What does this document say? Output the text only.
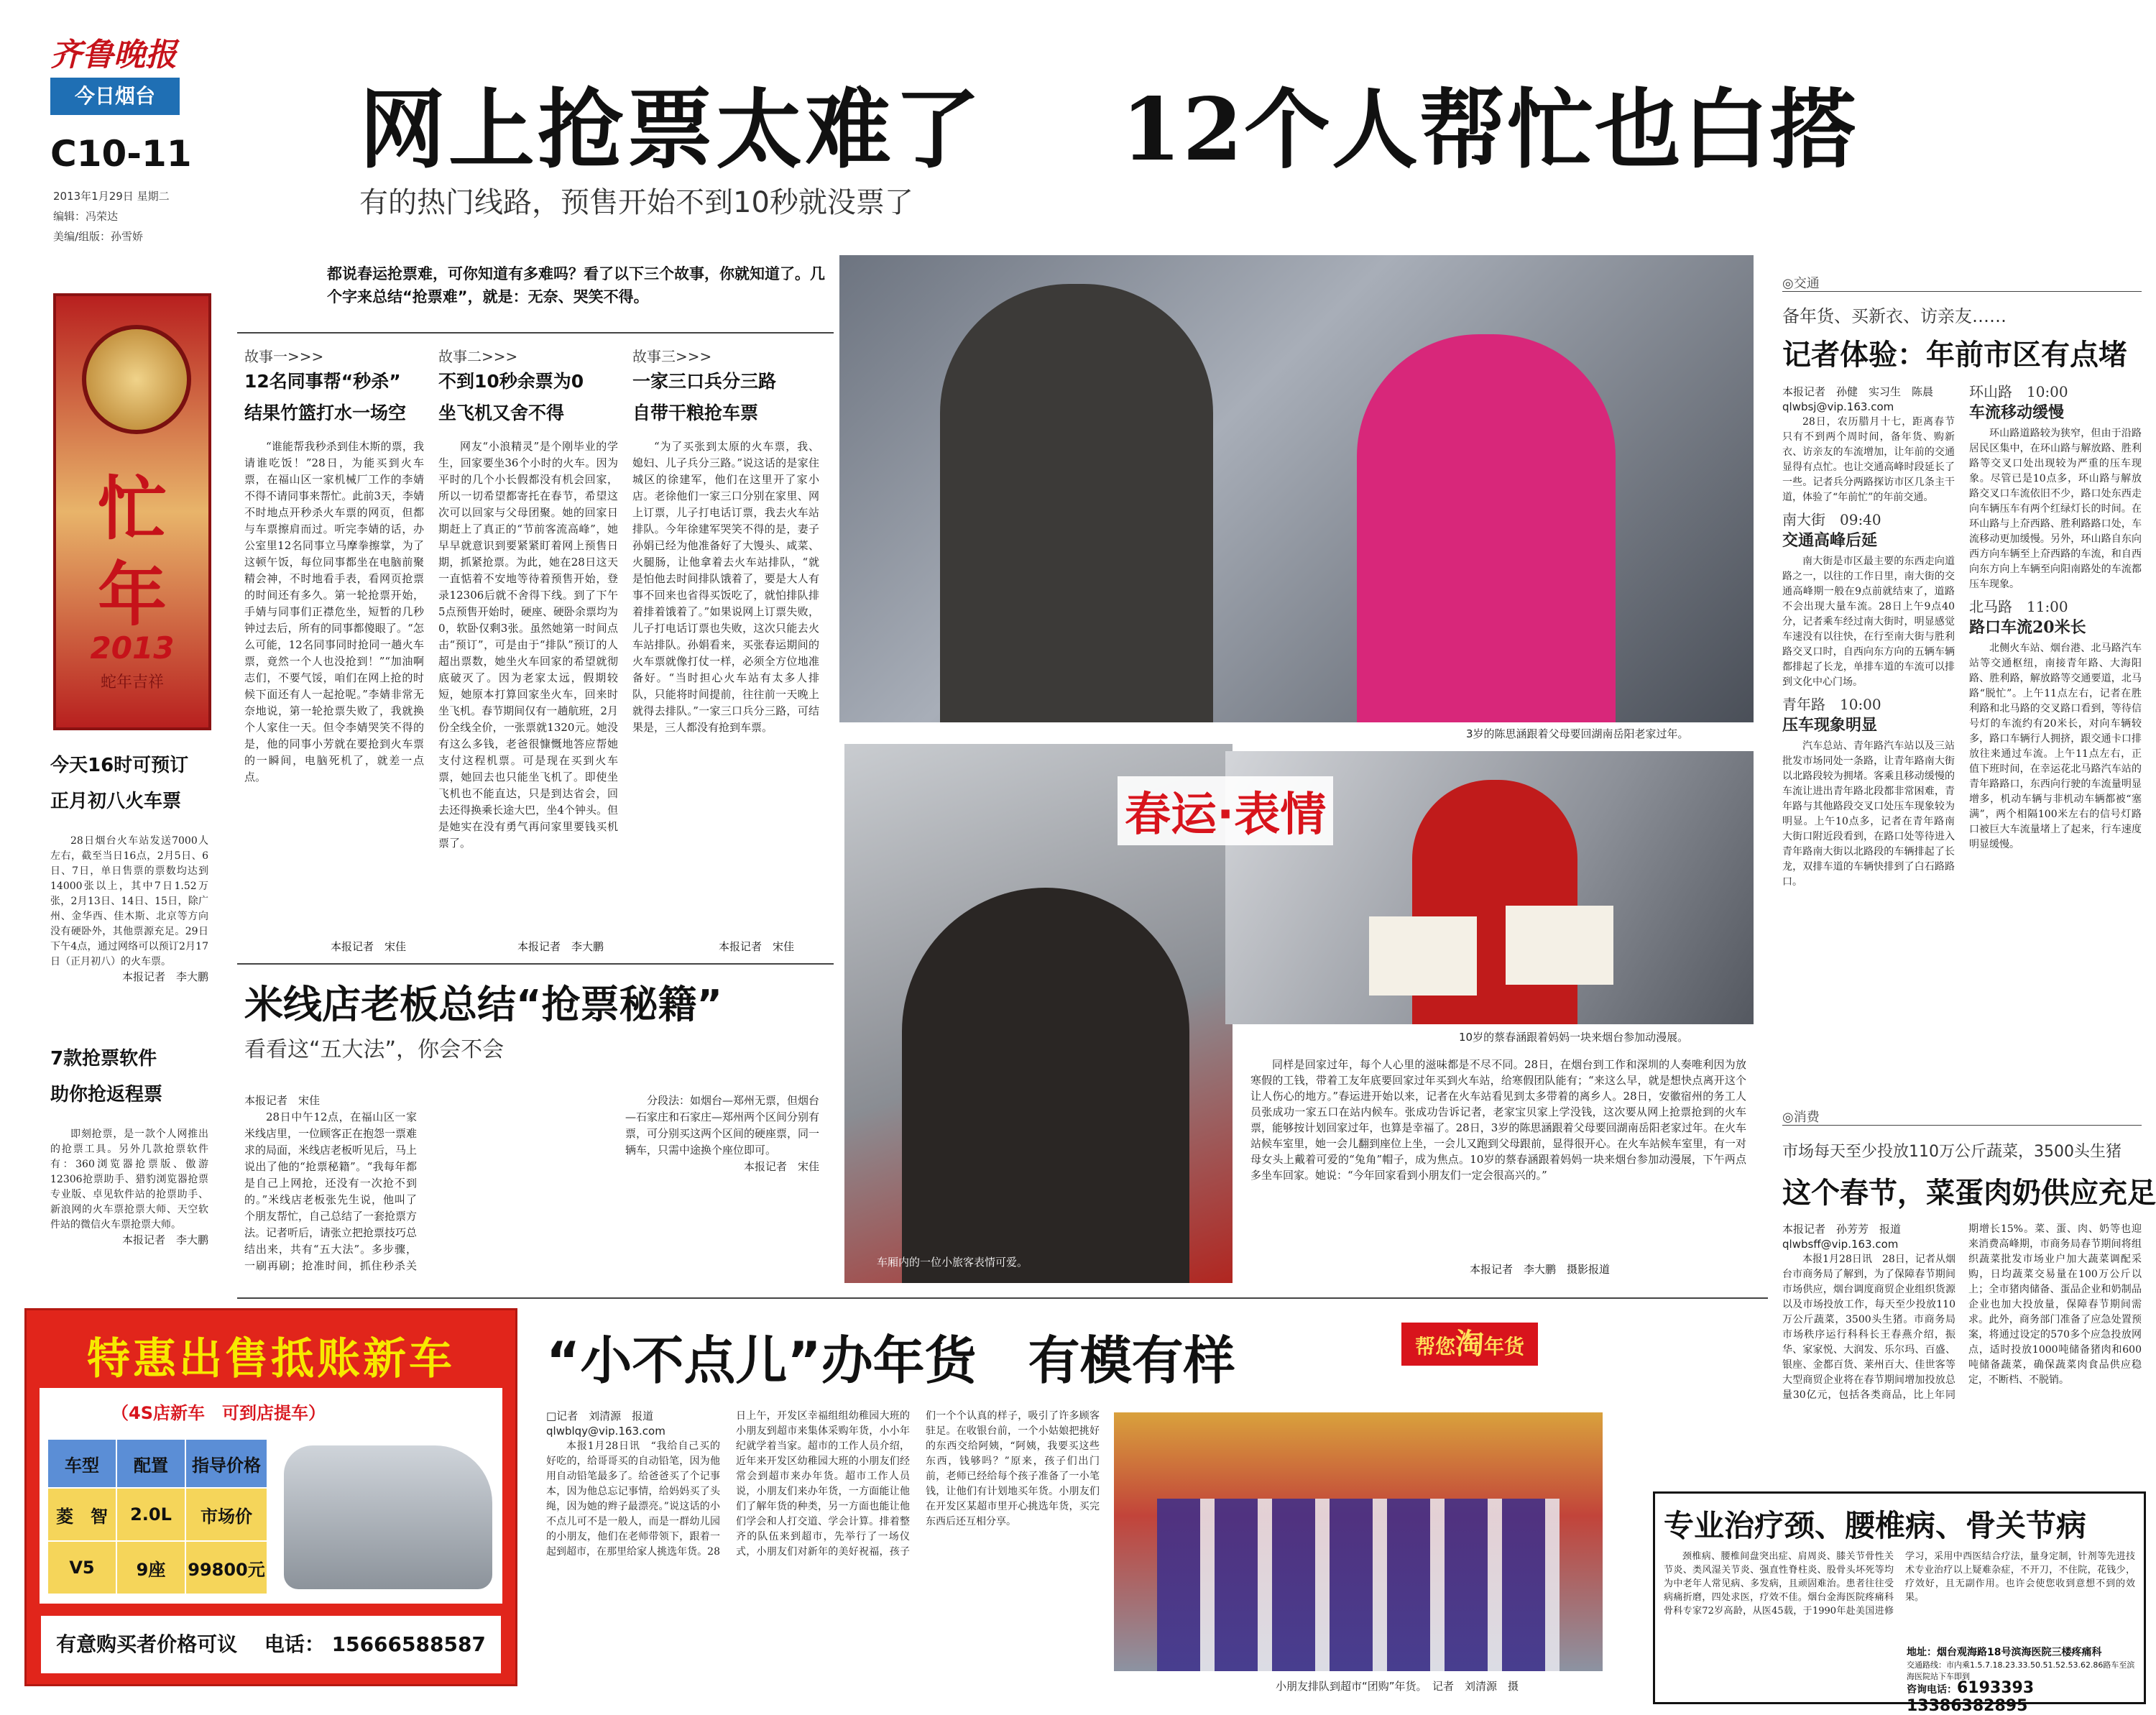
齐鲁晚报
今日烟台
C10-11
2013年1月29日 星期二
编辑：冯荣达
美编/组版：孙雪娇
忙
年
2013
蛇年吉祥
今天16时可预订
正月初八火车票

28日烟台火车站发送7000人左右，截至当日16点，2月5日、6日、7日，单日售票的票数均达到14000张以上，其中7日1.52万张，2月13日、14日、15日，除广州、金华西、佳木斯、北京等方向没有硬卧外，其他票源充足。29日下午4点，通过网络可以预订2月17日（正月初八）的火车票。

本报记者　李大鹏

7款抢票软件
助你抢返程票

即刻抢票，是一款个人网推出的抢票工具。另外几款抢票软件有：360浏览器抢票版、傲游12306抢票助手、猎豹浏览器抢票专业版、卓见软件站的抢票助手、新浪网的火车票抢票大师、天空软件站的微信火车票抢票大师。

本报记者　李大鹏

网上抢票太难了 12个人帮忙也白搭
有的热门线路，预售开始不到10秒就没票了
都说春运抢票难，可你知道有多难吗？看了以下三个故事，你就知道了。几个字来总结“抢票难”，就是：无奈、哭笑不得。
故事一>>>
12名同事帮“秒杀”
结果竹篮打水一场空

“谁能帮我秒杀到佳木斯的票，我请谁吃饭！”28日，为能买到火车票，在福山区一家机械厂工作的李婧不得不请同事来帮忙。此前3天，李婧不时地点开秒杀火车票的网页，但都与车票擦肩而过。听完李婧的话，办公室里12名同事立马摩拳擦掌，为了这顿午饭，每位同事都坐在电脑前聚精会神，不时地看手表，看网页抢票的时间还有多久。第一轮抢票开始，手婧与同事们正襟危坐，短暂的几秒钟过去后，所有的同事都傻眼了。“怎么可能，12名同事同时抢同一趟火车票，竟然一个人也没抢到！”“加油啊志们，不要气馁，咱们在网上抢的时候下面还有人一起抢呢。”李婧非常无奈地说，第一轮抢票失败了，我就换个人家住一天。但令李婧哭笑不得的是，他的同事小芳就在要抢到火车票的一瞬间，电脑死机了，就差一点点。

本报记者　宋佳
故事二>>>
不到10秒余票为0
坐飞机又舍不得

网友“小浪精灵”是个刚毕业的学生，回家要坐36个小时的火车。因为平时的几个小长假都没有机会回家，所以一切希望都寄托在春节，希望这次可以回家与父母团聚。她的回家日期赶上了真正的“节前客流高峰”，她早早就意识到要紧紧盯着网上预售日期，抓紧抢票。为此，她在28日这天一直惦着不安地等待着预售开始，登录12306后就不舍得下线。到了下午5点预售开始时，硬座、硬卧余票均为0，软卧仅剩3张。虽然她第一时间点击“预订”，可是由于“排队”预订的人超出票数，她坐火车回家的希望就彻底破灭了。因为老家太远，假期较短，她原本打算回家坐火车，回来时坐飞机。春节期间仅有一趟航班，2月份全线全价，一张票就1320元。她没有这么多钱，老爸很慷慨地答应帮她支付这程机票。可是现在买到火车票，她回去也只能坐飞机了。即使坐飞机也不能直达，只是到达省会，回去还得换乘长途大巴，坐4个钟头。但是她实在没有勇气再问家里要钱买机票了。

本报记者　李大鹏
故事三>>>
一家三口兵分三路
自带干粮抢车票

“为了买张到太原的火车票，我、媳妇、儿子兵分三路。”说这话的是家住城区的徐建军，他们在这里开了家小店。老徐他们一家三口分别在家里、网上订票，儿子打电话订票，我去火车站排队。今年徐建军哭笑不得的是，妻子孙娟已经为他准备好了大馒头、咸菜、火腿肠，让他拿着去火车站排队，“就是怕他去时间排队饿着了，要是大人有事不回来也省得买饭吃了，就怕排队排着排着饿着了。”如果说网上订票失败，儿子打电话订票也失败，这次只能去火车站排队。孙娟看来，买张春运期间的火车票就像打仗一样，必须全方位地准备好。“当时担心火车站有太多人排队，只能将时间提前，往往前一天晚上就得去排队。”一家三口兵分三路，可结果是，三人都没有抢到车票。

本报记者　宋佳
米线店老板总结“抢票秘籍”
看看这“五大法”，你会不会

本报记者　宋佳

28日中午12点，在福山区一家米线店里，一位顾客正在抱怨一票难求的局面，米线店老板听见后，马上说出了他的“抢票秘籍”。“我每年都是自己上网抢，还没有一次抢不到的。”米线店老板张先生说，他叫了个朋友帮忙，自己总结了一套抢票方法。记者听后，请张立把抢票技巧总结出来，共有“五大法”。多步骤，一刷再刷；抢准时间，抓住秒杀关

分段法：如烟台—郑州无票，但烟台—石家庄和石家庄—郑州两个区间分别有票，可分别买这两个区间的硬座票，同一辆车，只需中途换个座位即可。

本报记者　宋佳

3岁的陈思涵跟着父母要回湖南岳阳老家过年。
车厢内的一位小旅客表情可爱。
春运·表情
10岁的蔡春涵跟着妈妈一块来烟台参加动漫展。

同样是回家过年，每个人心里的滋味都是不尽不同。28日，在烟台到工作和深圳的人奏唯利因为放寒假的工钱，带着工友年底要回家过年买到火车站，给寒假团队能有；“来这么早，就是想快点离开这个让人伤心的地方。”春运进开始以来，记者在火车站看见到太多带着的离乡人。28日，安徽宿州的务工人员张成功一家五口在站内候车。张成功告诉记者，老家宝贝家上学没钱，这次要从网上抢票抢到的火车票，能够按计划回家过年，也算是幸福了。28日，3岁的陈思涵跟着父母要回湖南岳阳老家过年。在火车站候车室里，她一会儿翻到座位上坐，一会儿又跑到父母跟前，显得很开心。在火车站候车室里，有一对母女头上戴着可爱的“兔角”帽子，成为焦点。10岁的蔡春涵跟着妈妈一块来烟台参加动漫展，下午两点多坐车回家。她说：“今年回家看到小朋友们一定会很高兴的。”

本报记者　李大鹏　摄影报道
◎交通
备年货、买新衣、访亲友……
记者体验：年前市区有点堵

本报记者　孙健　实习生　陈晨

qlwbsj@vip.163.com

28日，农历腊月十七，距离春节只有不到两个周时间，备年货、购新衣、访亲友的车流增加，让年前的交通显得有点忙。也让交通高峰时段延长了一些。记者兵分两路探访市区几条主干道，体验了“年前忙”的年前交通。

南大街　09:40
交通高峰后延

南大街是市区最主要的东西走向道路之一，以往的工作日里，南大街的交通高峰期一般在9点前就结束了，道路不会出现大量车流。28日上午9点40分，记者乘车经过南大街时，明显感觉车速没有以往快，在行至南大街与胜利路交叉口时，自西向东方向的五辆车辆都排起了长龙，单排车道的车流可以排到文化中心门场。

青年路　10:00
压车现象明显

汽车总站、青年路汽车站以及三站批发市场同处一条路，让青年路南大街以北路段较为拥堵。客乘且移动缓慢的车流让进出青年路北段都非常困难，青年路与其他路段交叉口处压车现象较为明显。上午10点多，记者在青年路南大街口附近段看到，在路口处等待进入青年路南大街以北路段的车辆排起了长龙，双排车道的车辆快排到了白石路路口。

环山路　10:00
车流移动缓慢

环山路道路较为狭窄，但由于沿路居民区集中，在环山路与解放路、胜利路等交叉口处出现较为严重的压车现象。尽管已是10点多，环山路与解放路交叉口车流依旧不少，路口处东西走向车辆压车有两个红绿灯长的时间。在环山路与上夼西路、胜利路路口处，车流移动更加缓慢。另外，环山路自东向西方向车辆至上夼西路的车流，和自西向东方向上车辆至向阳南路处的车流都压车现象。

北马路　11:00
路口车流20米长

北侧火车站、烟台港、北马路汽车站等交通枢纽，南接青年路、大海阳路、胜利路，解放路等交通要道，北马路“脱忙”。上午11点左右，记者在胜利路和北马路的交叉路口看到，等待信号灯的车流约有20米长，对向车辆较多，路口车辆行人拥挤，跟交通卡口排放往来通过车流。上午11点左右，正值下班时间，在幸运花北马路汽车站的青年路路口，东西向行驶的车流量明显增多，机动车辆与非机动车辆都被“塞满”，两个相隔100米左右的信号灯路口被巨大车流量堵上了起来，行车速度明显缓慢。

◎消费
市场每天至少投放110万公斤蔬菜，3500头生猪
这个春节，菜蛋肉奶供应充足

本报记者　孙芳芳　报道

qlwbsff@vip.163.com

本报1月28日讯　28日，记者从烟台市商务局了解到，为了保障春节期间市场供应，烟台调度商贸企业组织货源以及市场投放工作，每天至少投放110万公斤蔬菜，3500头生猪。市商务局市场秩序运行科科长王春燕介绍，振华、家家悦、大润发、乐尔玛、百盛、银座、金都百货、莱州百大、佳世客等大型商贸企业将在春节期间增加投放总量30亿元，包括各类商品，比上年同期增长15%。菜、蛋、肉、奶等也迎来消费高峰期，市商务局春节期间将组织蔬菜批发市场业户加大蔬菜调配采购，日均蔬菜交易量在100万公斤以上；全市猪肉储备、蛋品企业和奶制品企业也加大投放量，保障春节期间需求。此外，商务部门准备了应急处置预案，将通过设定的570多个应急投放网点，适时投放1000吨储备猪肉和600吨储备蔬菜，确保蔬菜肉食品供应稳定，不断档、不脱销。

“小不点儿”办年货　有模有样	帮您淘年货

□记者　刘清源　报道

qlwblqy@vip.163.com

本报1月28日讯　“我给自己买的好吃的，给哥哥买的自动铅笔，因为他用自动铅笔最多了。给爸爸买了个记事本，因为他总忘记事情，给妈妈买了头绳，因为她的辫子最漂亮。”说这话的小不点儿可不是一般人，而是一群幼儿园的小朋友，他们在老师带领下，跟着一起到超市，在那里给家人挑选年货。28日上午，开发区幸福组组幼稚园大班的小朋友到超市来集体采购年货，小小年纪就学着当家。超市的工作人员介绍，近年来开发区幼稚园大班的小朋友们经常会到超市来办年货。超市工作人员说，小朋友们来办年货，一方面能让他们了解年货的种类，另一方面也能让他们学会和人打交道、学会计算。排着整齐的队伍来到超市，先举行了一场仪式，小朋友们对新年的美好祝福，孩子们一个个认真的样子，吸引了许多顾客驻足。在收银台前，一个小姑娘把挑好的东西交给阿姨，“阿姨，我要买这些东西，钱够吗？”原来，孩子们出门前，老师已经给每个孩子准备了一小笔钱，让他们有计划地买年货。小朋友们在开发区某超市里开心挑选年货，买完东西后还互相分享。

小朋友排队到超市“团购”年货。　记者　刘清源　摄
特惠出售抵账新车
（4S店新车　可到店提车）
车型	配置	指导价格
菱　智	2.0L	市场价
V5	9座	99800元
有意购买者价格可议　 电话： 15666588587
专业治疗颈、腰椎病、骨关节病

颈椎病、腰椎间盘突出症、肩周炎、膝关节骨性关节炎、类风湿关节炎、强直性脊柱炎、股骨头坏死等均为中老年人常见病、多发病，且顽固难治。患者往往受病痛折磨，四处求医，疗效不佳。烟台金海医院疼痛科骨科专家72岁高龄，从医45载，于1990年赴美国进修学习，采用中西医结合疗法，量身定制，针剂等先进技术专业治疗以上疑难杂症，不开刀，不住院，花钱少，疗效好，且无副作用。也许会使您收到意想不到的效果。

地址：烟台观海路18号滨海医院三楼疼痛科
交通路线：市内乘1.5.7.18.23.33.50.51.52.53.62.86路车至滨海医院站下车即到
咨询电话：6193393 13386382895
